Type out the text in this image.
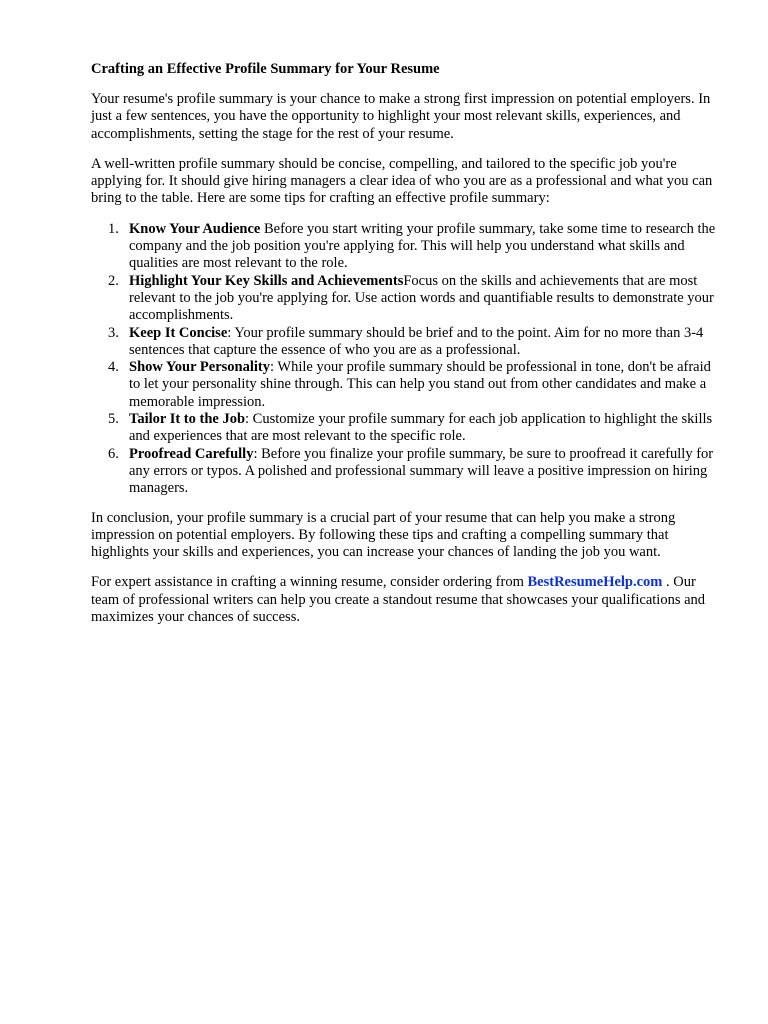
Crafting an Effective Profile Summary for Your Resume

Your resume's profile summary is your chance to make a strong first impression on potential employers. In just a few sentences, you have the opportunity to highlight your most relevant skills, experiences, and accomplishments, setting the stage for the rest of your resume.

A well-written profile summary should be concise, compelling, and tailored to the specific job you're applying for. It should give hiring managers a clear idea of who you are as a professional and what you can bring to the table. Here are some tips for crafting an effective profile summary:

1. Know Your Audience Before you start writing your profile summary, take some time to research the company and the job position you're applying for. This will help you understand what skills and qualities are most relevant to the role.
2. Highlight Your Key Skills and AchievementsFocus on the skills and achievements that are most relevant to the job you're applying for. Use action words and quantifiable results to demonstrate your accomplishments.
3. Keep It Concise: Your profile summary should be brief and to the point. Aim for no more than 3-4 sentences that capture the essence of who you are as a professional.
4. Show Your Personality: While your profile summary should be professional in tone, don't be afraid to let your personality shine through. This can help you stand out from other candidates and make a memorable impression.
5. Tailor It to the Job: Customize your profile summary for each job application to highlight the skills and experiences that are most relevant to the specific role.
6. Proofread Carefully: Before you finalize your profile summary, be sure to proofread it carefully for any errors or typos. A polished and professional summary will leave a positive impression on hiring managers.

In conclusion, your profile summary is a crucial part of your resume that can help you make a strong impression on potential employers. By following these tips and crafting a compelling summary that highlights your skills and experiences, you can increase your chances of landing the job you want.

For expert assistance in crafting a winning resume, consider ordering from BestResumeHelp.com . Our team of professional writers can help you create a standout resume that showcases your qualifications and maximizes your chances of success.
